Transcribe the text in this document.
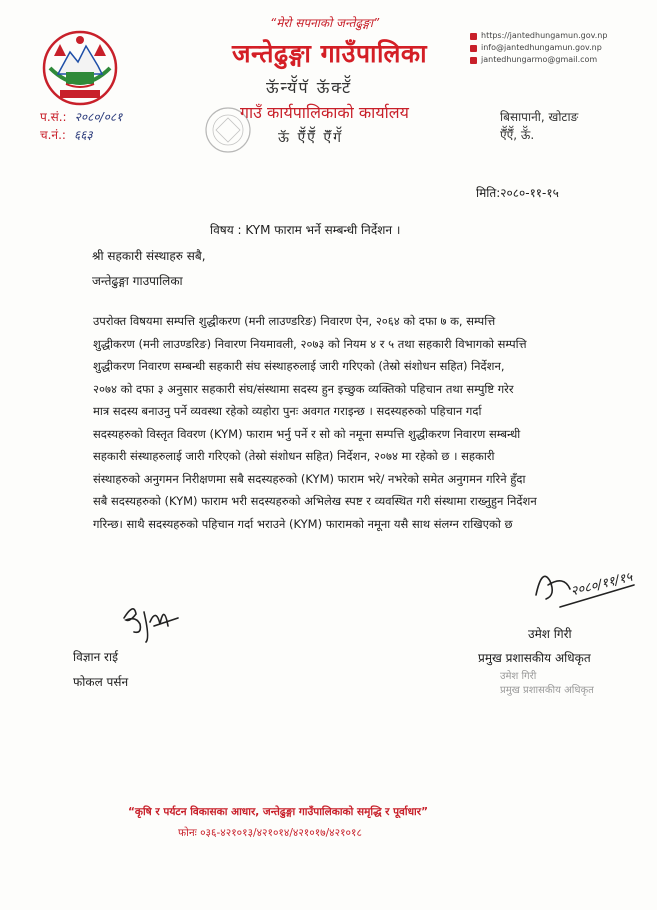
“मेरो सपनाको जन्तेढुङ्गा”
जन्तेढुङ्गा गाउँपालिका
ऊॅन्यॅॅपॅ ऊॅक्टॅॅ
गाउँ कार्यपालिकाको कार्यालय
ऊॅ ऍॅॅऍॅॅ ऍॅगॅॅ
https://jantedhungamun.gov.np
info@jantedhungamun.gov.np
jantedhungarmo@gmail.com
बिसापानी, खोटाङ
ऍॅॅऍॅॅ, ऊॅॅ.
प.सं.: २०८०/०८१
च.नं.: ६६३
मिति:२०८०-११-१५
विषय : KYM फाराम भर्ने सम्बन्धी निर्देशन ।
श्री सहकारी संस्थाहरु सबै,
जन्तेढुङ्गा गाउपालिका
उपरोक्त विषयमा सम्पत्ति शुद्धीकरण (मनी लाउण्डरिङ) निवारण ऐन, २०६४ को दफा ७ क, सम्पत्ति
शुद्धीकरण (मनी लाउण्डरिङ) निवारण नियमावली, २०७३ को नियम ४ र ५ तथा सहकारी विभागको सम्पत्ति
शुद्धीकरण निवारण सम्बन्धी सहकारी संघ संस्थाहरुलाई जारी गरिएको (तेस्रो संशोधन सहित) निर्देशन,
२०७४ को दफा ३ अनुसार सहकारी संघ/संस्थामा सदस्य हुन इच्छुक व्यक्तिको पहिचान तथा सम्पुष्टि गरेर
मात्र सदस्य बनाउनु पर्ने व्यवस्था रहेको व्यहोरा पुनः अवगत गराइन्छ । सदस्यहरुको पहिचान गर्दा
सदस्यहरुको विस्तृत विवरण (KYM) फाराम भर्नु पर्ने र सो को नमूना सम्पत्ति शुद्धीकरण निवारण सम्बन्धी
सहकारी संस्थाहरुलाई जारी गरिएको (तेस्रो संशोधन सहित) निर्देशन, २०७४ मा रहेको छ । सहकारी
संस्थाहरुको अनुगमन निरीक्षणमा सबै सदस्यहरुको (KYM) फाराम भरे/ नभरेको समेत अनुगमन गरिने हुँदा
सबै सदस्यहरुको (KYM) फाराम भरी सदस्यहरुको अभिलेख स्पष्ट र व्यवस्थित गरी संस्थामा राख्नुहुन निर्देशन
गरिन्छ। साथै सदस्यहरुको पहिचान गर्दा भराउने (KYM) फारामको नमूना यसै साथ संलग्न राखिएको छ
विज्ञान राई
फोकल पर्सन
२०८०/११/१५
उमेश गिरी
प्रमुख प्रशासकीय अधिकृत
उमेश गिरी
प्रमुख प्रशासकीय अधिकृत
“कृषि र पर्यटन विकासका आधार, जन्तेढुङ्गा गाउँपालिकाको समृद्धि र पूर्वाधार”
फोनः ०३६-४२१०१३/४२१०१४/४२१०१७/४२१०१८
